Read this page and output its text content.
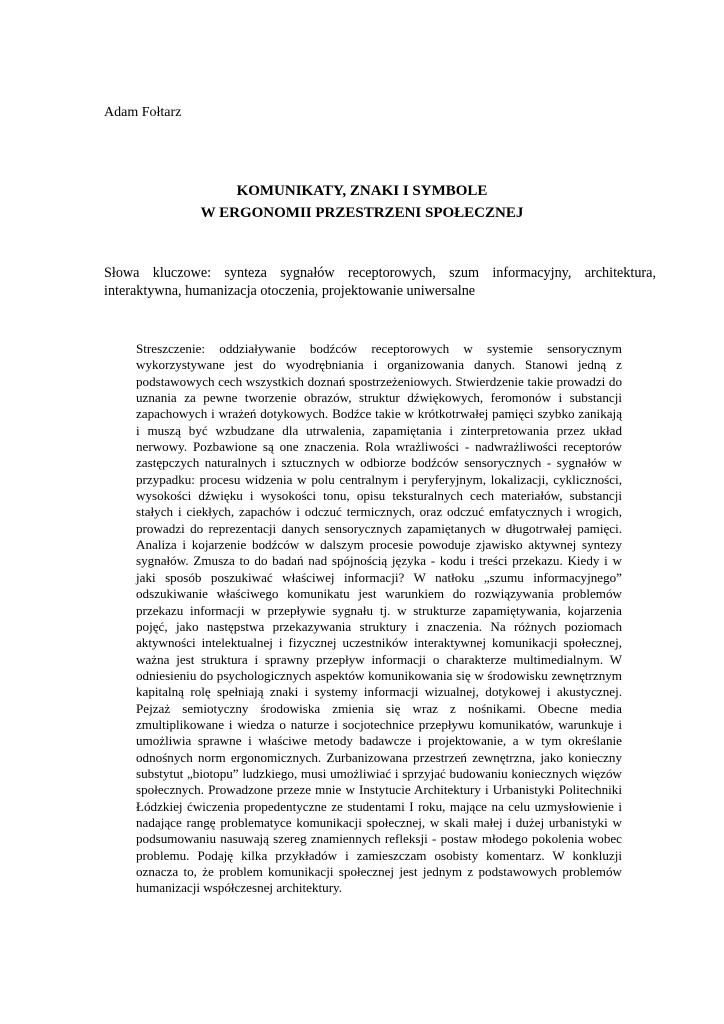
Adam Fołtarz
KOMUNIKATY, ZNAKI I SYMBOLE
W ERGONOMII PRZESTRZENI SPOŁECZNEJ
Słowa kluczowe: synteza sygnałów receptorowych, szum informacyjny, architektura, interaktywna, humanizacja otoczenia, projektowanie uniwersalne
Streszczenie: oddziaływanie bodźców receptorowych w systemie sensorycznym wykorzystywane jest do wyodrębniania i organizowania danych. Stanowi jedną z podstawowych cech wszystkich doznań spostrzeżeniowych. Stwierdzenie takie prowadzi do uznania za pewne tworzenie obrazów, struktur dźwiękowych, feromonów i substancji zapachowych i wrażeń dotykowych. Bodźce takie w krótkotrwałej pamięci szybko zanikają i muszą być wzbudzane dla utrwalenia, zapamiętania i zinterpretowania przez układ nerwowy. Pozbawione są one znaczenia. Rola wrażliwości - nadwrażliwości receptorów zastępczych naturalnych i sztucznych w odbiorze bodźców sensorycznych - sygnałów w przypadku: procesu widzenia w polu centralnym i peryferyjnym, lokalizacji, cykliczności, wysokości dźwięku i wysokości tonu, opisu teksturalnych cech materiałów, substancji stałych i ciekłych, zapachów i odczuć termicznych, oraz odczuć emfatycznych i wrogich, prowadzi do reprezentacji danych sensorycznych zapamiętanych w długotrwałej pamięci. Analiza i kojarzenie bodźców w dalszym procesie powoduje zjawisko aktywnej syntezy sygnałów. Zmusza to do badań nad spójnością języka - kodu i treści przekazu. Kiedy i w jaki sposób poszukiwać właściwej informacji? W natłoku „szumu informacyjnego” odszukiwanie właściwego komunikatu jest warunkiem do rozwiązywania problemów przekazu informacji w przepływie sygnału tj. w strukturze zapamiętywania, kojarzenia pojęć, jako następstwa przekazywania struktury i znaczenia. Na różnych poziomach aktywności intelektualnej i fizycznej uczestników interaktywnej komunikacji społecznej, ważna jest struktura i sprawny przepływ informacji o charakterze multimedialnym. W odniesieniu do psychologicznych aspektów komunikowania się w środowisku zewnętrznym kapitalną rolę spełniają znaki i systemy informacji wizualnej, dotykowej i akustycznej. Pejzaż semiotyczny środowiska zmienia się wraz z nośnikami. Obecne media zmultiplikowane i wiedza o naturze i socjotechnice przepływu komunikatów, warunkuje i umożliwia sprawne i właściwe metody badawcze i projektowanie, a w tym określanie odnośnych norm ergonomicznych. Zurbanizowana przestrzeń zewnętrzna, jako konieczny substytut „biotopu” ludzkiego, musi umożliwiać i sprzyjać budowaniu koniecznych więzów społecznych. Prowadzone przeze mnie w Instytucie Architektury i Urbanistyki Politechniki Łódzkiej ćwiczenia propedentyczne ze studentami I roku, mające na celu uzmysłowienie i nadające rangę problematyce komunikacji społecznej, w skali małej i dużej urbanistyki w podsumowaniu nasuwają szereg znamiennych refleksji - postaw młodego pokolenia wobec problemu. Podaję kilka przykładów i zamieszczam osobisty komentarz. W konkluzji oznacza to, że problem komunikacji społecznej jest jednym z podstawowych problemów humanizacji współczesnej architektury.
